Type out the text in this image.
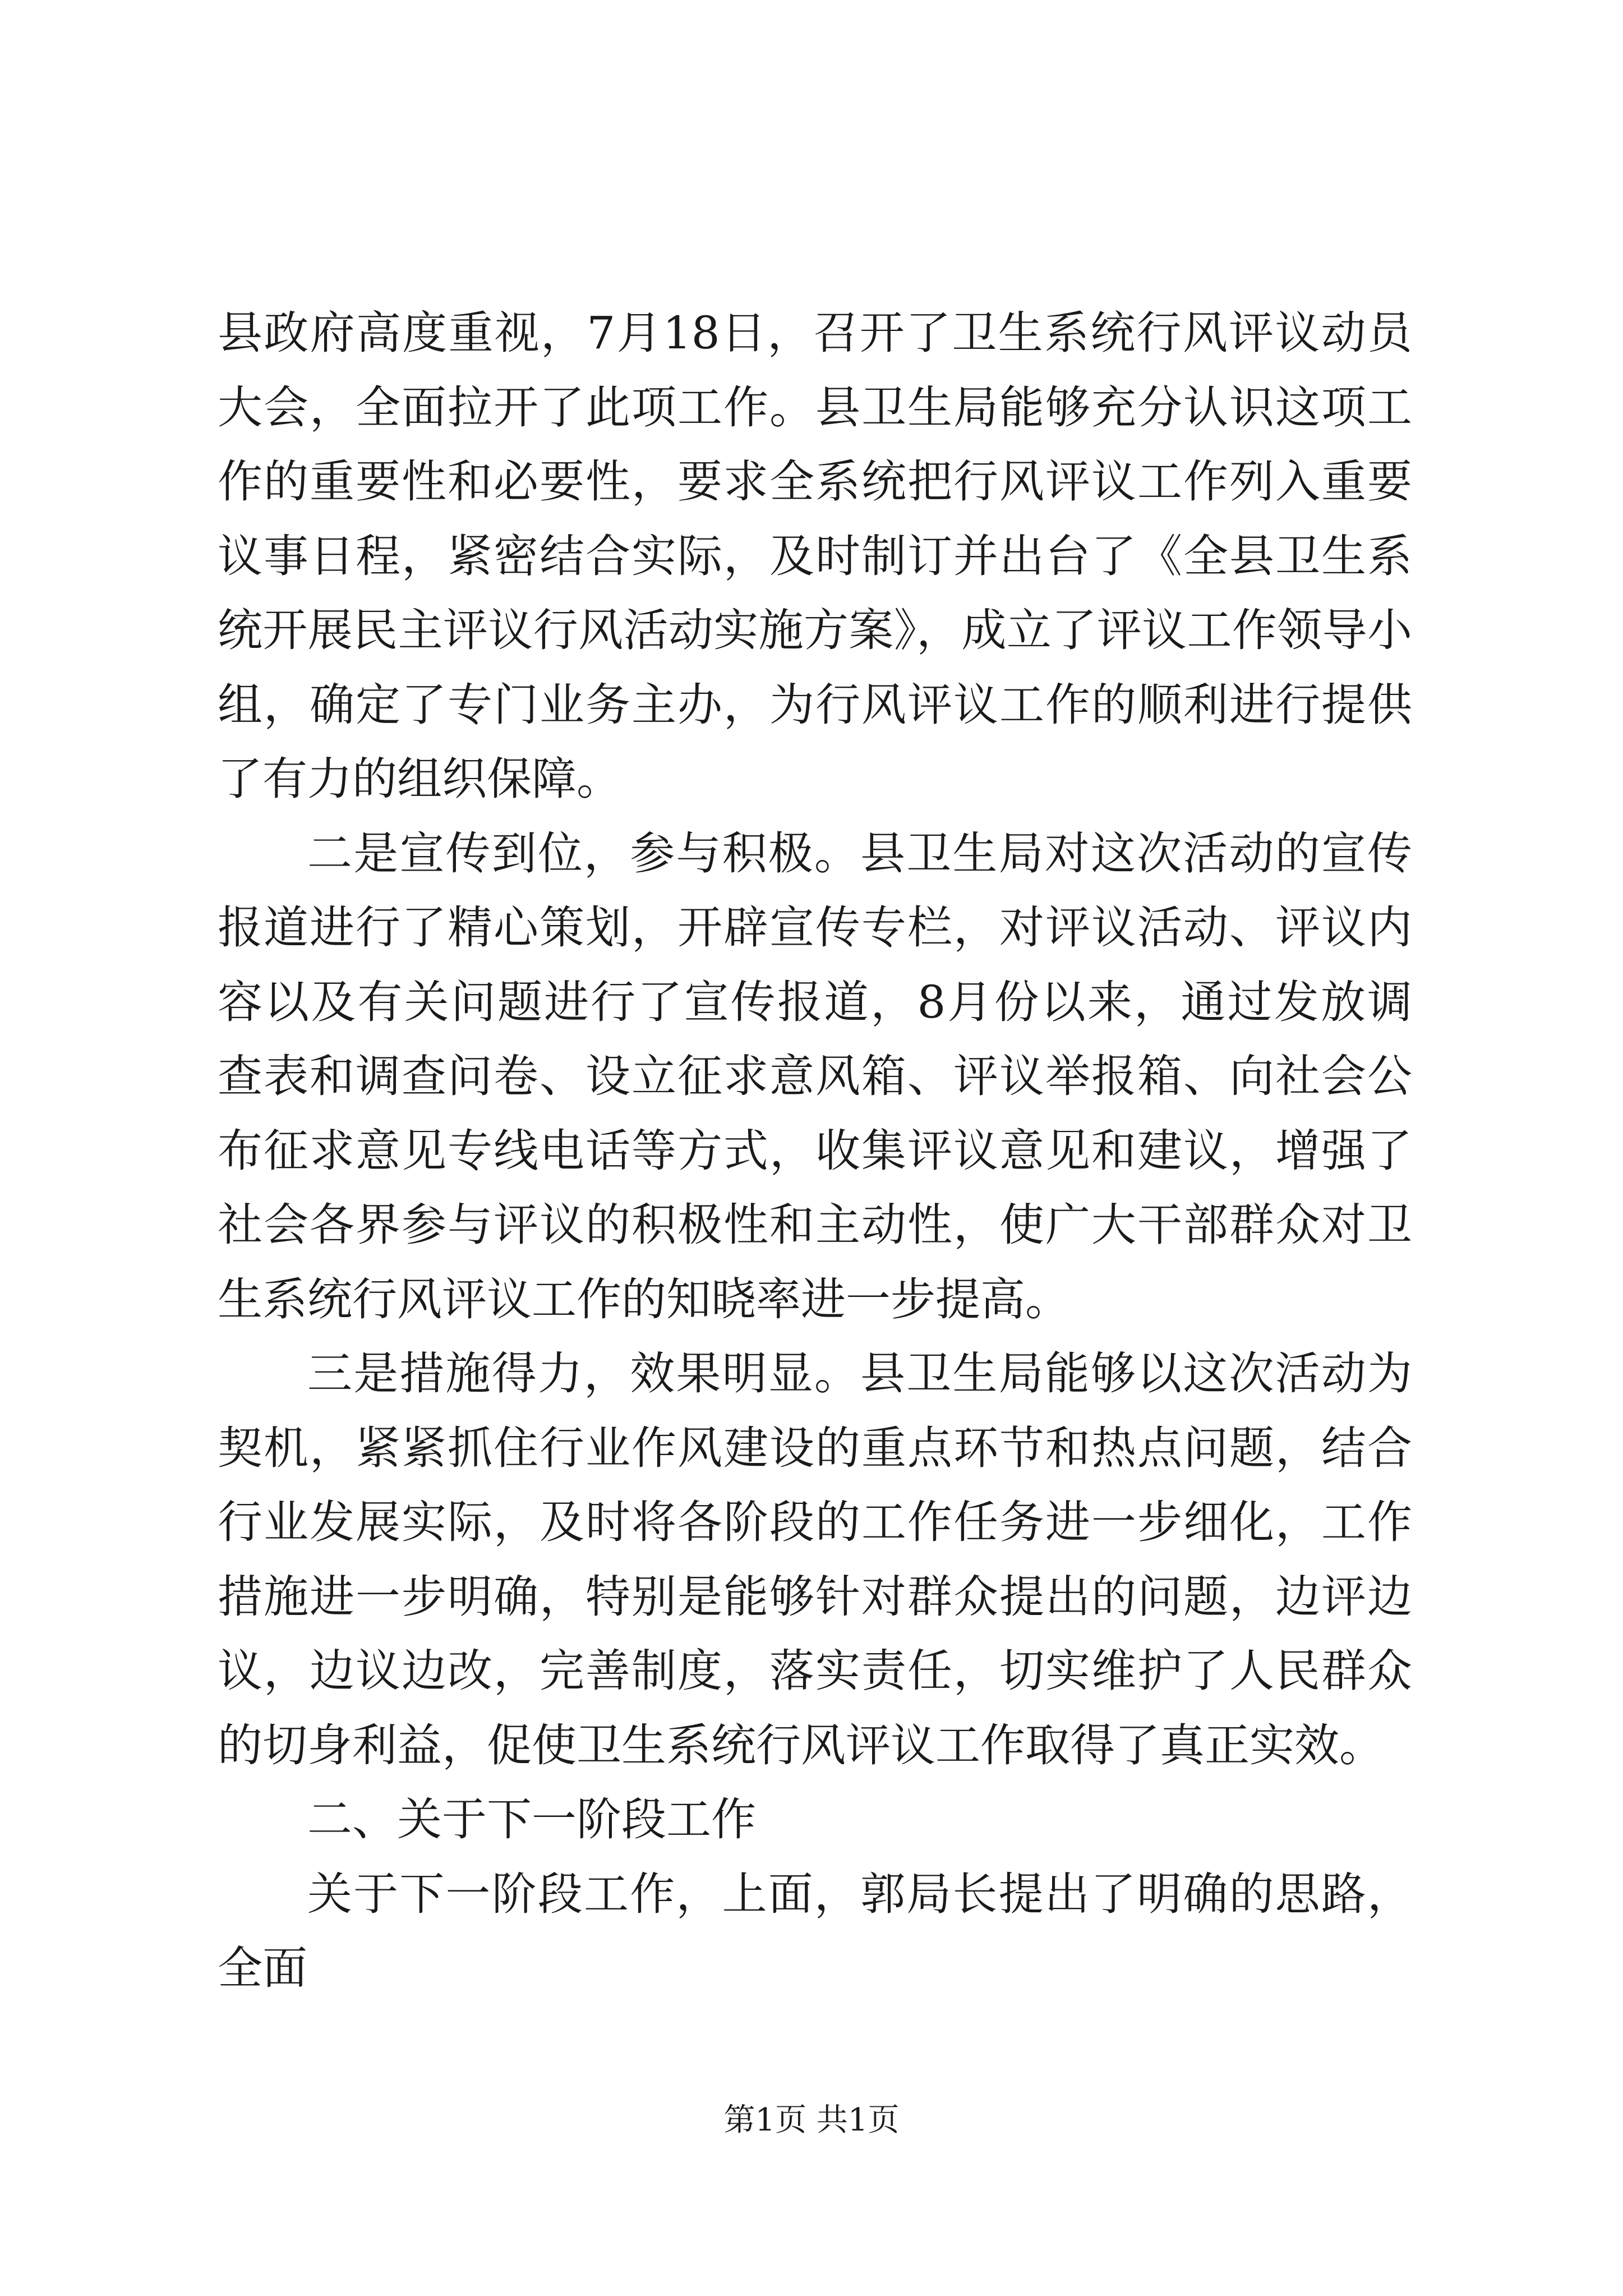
县政府高度重视，7月18日，召开了卫生系统行风评议动员大会，全面拉开了此项工作。县卫生局能够充分认识这项工作的重要性和必要性，要求全系统把行风评议工作列入重要议事日程，紧密结合实际，及时制订并出台了《全县卫生系统开展民主评议行风活动实施方案》，成立了评议工作领导小组，确定了专门业务主办，为行风评议工作的顺利进行提供了有力的组织保障。

二是宣传到位，参与积极。县卫生局对这次活动的宣传报道进行了精心策划，开辟宣传专栏，对评议活动、评议内容以及有关问题进行了宣传报道，8月份以来，通过发放调查表和调查问卷、设立征求意风箱、评议举报箱、向社会公布征求意见专线电话等方式，收集评议意见和建议，增强了社会各界参与评议的积极性和主动性，使广大干部群众对卫生系统行风评议工作的知晓率进一步提高。

三是措施得力，效果明显。县卫生局能够以这次活动为契机，紧紧抓住行业作风建设的重点环节和热点问题，结合行业发展实际，及时将各阶段的工作任务进一步细化，工作措施进一步明确，特别是能够针对群众提出的问题，边评边议，边议边改，完善制度，落实责任，切实维护了人民群众的切身利益，促使卫生系统行风评议工作取得了真正实效。

二、关于下一阶段工作

关于下一阶段工作，上面，郭局长提出了明确的思路，全面

第1页 共1页
